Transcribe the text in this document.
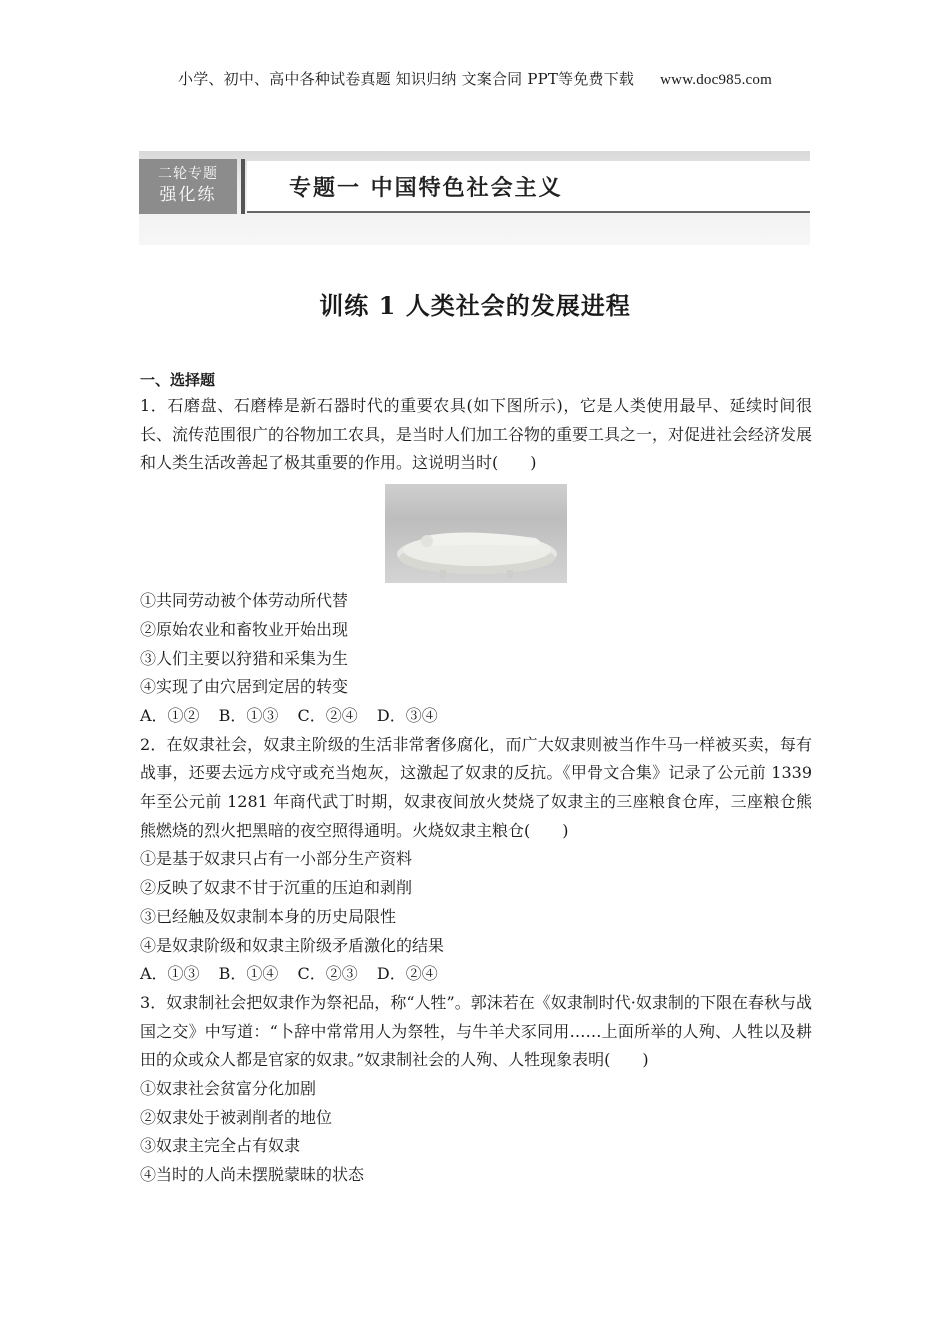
小学、初中、高中各种试卷真题 知识归纳 文案合同 PPT等免费下载 www.doc985.com
二轮专题
强化练	专题一 中国特色社会主义
训练 1 人类社会的发展进程
一、选择题

1．石磨盘、石磨棒是新石器时代的重要农具(如下图所示)，它是人类使用最早、延续时间很长、流传范围很广的谷物加工农具，是当时人们加工谷物的重要工具之一，对促进社会经济发展和人类生活改善起了极其重要的作用。这说明当时(　　)

①共同劳动被个体劳动所代替

②原始农业和畜牧业开始出现

③人们主要以狩猎和采集为生

④实现了由穴居到定居的转变

A．①② B．①③ C．②④ D．③④

2．在奴隶社会，奴隶主阶级的生活非常奢侈腐化，而广大奴隶则被当作牛马一样被买卖，每有战事，还要去远方戍守或充当炮灰，这激起了奴隶的反抗。《甲骨文合集》记录了公元前 1339 年至公元前 1281 年商代武丁时期，奴隶夜间放火焚烧了奴隶主的三座粮食仓库，三座粮仓熊熊燃烧的烈火把黑暗的夜空照得通明。火烧奴隶主粮仓(　　)

①是基于奴隶只占有一小部分生产资料

②反映了奴隶不甘于沉重的压迫和剥削

③已经触及奴隶制本身的历史局限性

④是奴隶阶级和奴隶主阶级矛盾激化的结果

A．①③ B．①④ C．②③ D．②④

3．奴隶制社会把奴隶作为祭祀品，称“人牲”。郭沫若在《奴隶制时代·奴隶制的下限在春秋与战国之交》中写道：“卜辞中常常用人为祭牲，与牛羊犬豕同用……上面所举的人殉、人牲以及耕田的众或众人都是官家的奴隶。”奴隶制社会的人殉、人牲现象表明(　　)

①奴隶社会贫富分化加剧

②奴隶处于被剥削者的地位

③奴隶主完全占有奴隶

④当时的人尚未摆脱蒙昧的状态
